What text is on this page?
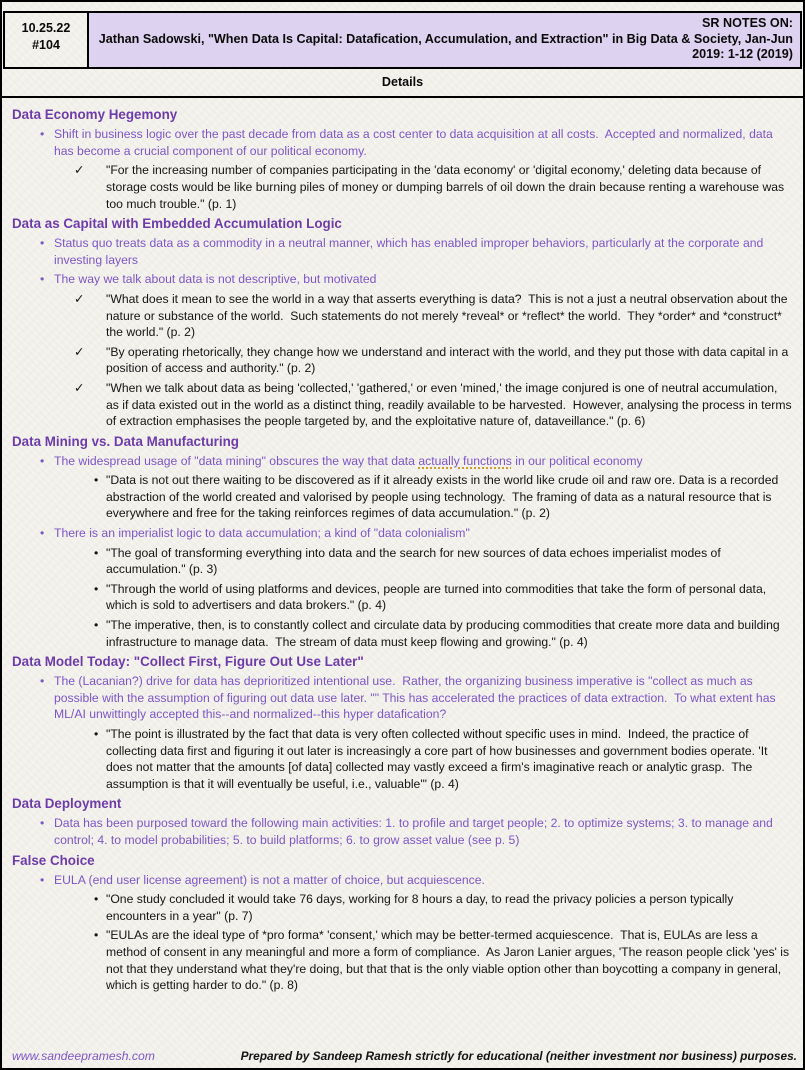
10.25.22
#104
SR NOTES ON:
Jathan Sadowski, "When Data Is Capital: Datafication, Accumulation, and Extraction" in Big Data & Society, Jan-Jun 2019: 1-12 (2019)
Details
Data Economy Hegemony
• Shift in business logic over the past decade from data as a cost center to data acquisition at all costs.  Accepted and normalized, data has become a crucial component of our political economy.
✓ "For the increasing number of companies participating in the 'data economy' or 'digital economy,' deleting data because of storage costs would be like burning piles of money or dumping barrels of oil down the drain because renting a warehouse was too much trouble." (p. 1)
Data as Capital with Embedded Accumulation Logic
• Status quo treats data as a commodity in a neutral manner, which has enabled improper behaviors, particularly at the corporate and investing layers
• The way we talk about data is not descriptive, but motivated
✓ "What does it mean to see the world in a way that asserts everything is data?  This is not a just a neutral observation about the nature or substance of the world.  Such statements do not merely *reveal* or *reflect* the world.  They *order* and *construct* the world." (p. 2)
✓ "By operating rhetorically, they change how we understand and interact with the world, and they put those with data capital in a position of access and authority." (p. 2)
✓ "When we talk about data as being 'collected,' 'gathered,' or even 'mined,' the image conjured is one of neutral accumulation, as if data existed out in the world as a distinct thing, readily available to be harvested.  However, analysing the process in terms of extraction emphasises the people targeted by, and the exploitative nature of, dataveillance." (p. 6)
Data Mining vs. Data Manufacturing
• The widespread usage of "data mining" obscures the way that data actually functions in our political economy
• "Data is not out there waiting to be discovered as if it already exists in the world like crude oil and raw ore. Data is a recorded abstraction of the world created and valorised by people using technology.  The framing of data as a natural resource that is everywhere and free for the taking reinforces regimes of data accumulation." (p. 2)
• There is an imperialist logic to data accumulation; a kind of "data colonialism"
• "The goal of transforming everything into data and the search for new sources of data echoes imperialist modes of accumulation." (p. 3)
• "Through the world of using platforms and devices, people are turned into commodities that take the form of personal data, which is sold to advertisers and data brokers." (p. 4)
• "The imperative, then, is to constantly collect and circulate data by producing commodities that create more data and building infrastructure to manage data.  The stream of data must keep flowing and growing." (p. 4)
Data Model Today: "Collect First, Figure Out Use Later"
• The (Lacanian?) drive for data has deprioritized intentional use.  Rather, the organizing business imperative is "collect as much as possible with the assumption of figuring out data use later. "" This has accelerated the practices of data extraction.  To what extent has ML/AI unwittingly accepted this--and normalized--this hyper datafication?
• "The point is illustrated by the fact that data is very often collected without specific uses in mind.  Indeed, the practice of collecting data first and figuring it out later is increasingly a core part of how businesses and government bodies operate. 'It does not matter that the amounts [of data] collected may vastly exceed a firm's imaginative reach or analytic grasp.  The assumption is that it will eventually be useful, i.e., valuable'" (p. 4)
Data Deployment
• Data has been purposed toward the following main activities: 1. to profile and target people; 2. to optimize systems; 3. to manage and control; 4. to model probabilities; 5. to build platforms; 6. to grow asset value (see p. 5)
False Choice
• EULA (end user license agreement) is not a matter of choice, but acquiescence.
• "One study concluded it would take 76 days, working for 8 hours a day, to read the privacy policies a person typically encounters in a year" (p. 7)
• "EULAs are the ideal type of *pro forma* 'consent,' which may be better-termed acquiescence.  That is, EULAs are less a method of consent in any meaningful and more a form of compliance.  As Jaron Lanier argues, 'The reason people click 'yes' is not that they understand what they're doing, but that that is the only viable option other than boycotting a company in general, which is getting harder to do." (p. 8)
www.sandeepramesh.com	Prepared by Sandeep Ramesh strictly for educational (neither investment nor business) purposes.
